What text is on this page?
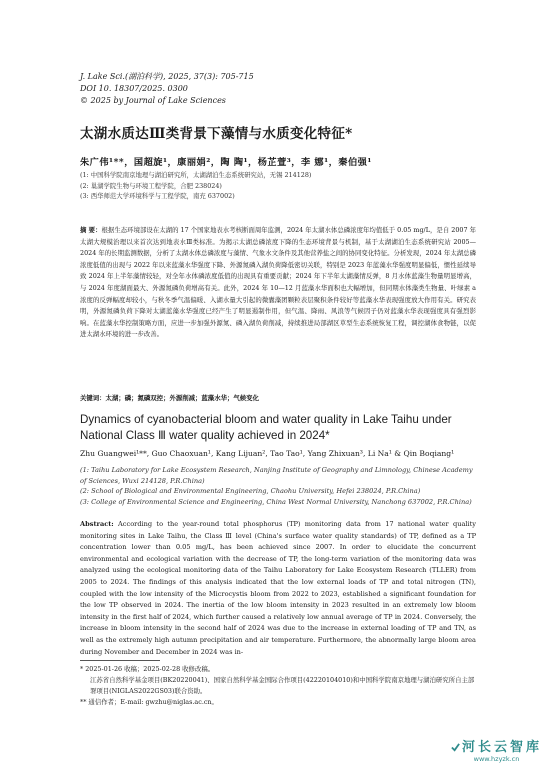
J. Lake Sci.(湖泊科学), 2025, 37(3): 705-715
DOI 10. 18307/2025. 0300
© 2025 by Journal of Lake Sciences
太湖水质达Ⅲ类背景下藻情与水质变化特征*
朱广伟¹**，国超旋¹，康丽娟²，陶 陶¹，杨芷萱³，李 娜¹，秦伯强¹
(1: 中国科学院南京地理与湖泊研究所，太湖湖泊生态系统研究站，无锡 214128)
(2: 巢湖学院生物与环境工程学院，合肥 238024)
(3: 西华师范大学环境科学与工程学院，南充 637002)
摘 要：根据生态环境部设在太湖的 17 个国家地表水考核断面周年监测，2024 年太湖水体总磷浓度年均值低于 0.05 mg/L，是自 2007 年太湖大规模治理以来首次达到地表水Ⅲ类标准。为揭示太湖总磷浓度下降的生态环境背景与机制，基于太湖湖泊生态系统研究站 2005—2024 年的长期监测数据，分析了太湖水体总磷浓度与藻情、气象水文条件及其他营养盐之间的协同变化特征。分析发现，2024 年太湖总磷浓度低值的出现与 2022 年以来蓝藻水华强度下降、外源氮磷入湖负荷降低密切关联，特别是 2023 年蓝藻水华强度明显偏低，惯性延续导致 2024 年上半年藻情较轻，对全年水体磷浓度低值的出现具有重要贡献；2024 年下半年太湖藻情反弹，8 月水体蓝藻生物量明显增高，与 2024 年度湖面最大、外源氮磷负荷增高有关。此外，2024 年 10—12 月蓝藻水华面积也大幅增加，但同期水体藻类生物量、叶绿素 a 浓度的反弹幅度却较小，与秋冬季气温偏暖、入湖水量大引起的微囊藻团颗粒表层聚积条件较好等蓝藻水华表现强度放大作用有关。研究表明，外源氮磷负荷下降对太湖蓝藻水华强度已经产生了明显遏制作用，但气温、降雨、风浪等气候因子仍对蓝藻水华表现强度具有强烈影响。在蓝藻水华控制策略方面，应进一步加强外源氮、磷入湖负荷削减，持续推进局部湖区草型生态系统恢复工程，调控湖体食物链，以促进太湖水环境的进一步改善。
关键词：太湖；磷；氮磷双控；外源削减；蓝藻水华；气候变化
Dynamics of cyanobacterial bloom and water quality in Lake Taihu under National Class Ⅲ water quality achieved in 2024*
Zhu Guangwei¹**, Guo Chaoxuan¹, Kang Lijuan², Tao Tao¹, Yang Zhixuan³, Li Na¹ & Qin Boqiang¹
(1: Taihu Laboratory for Lake Ecosystem Research, Nanjing Institute of Geography and Limnology, Chinese Academy of Sciences, Wuxi 214128, P.R.China)
(2: School of Biological and Environmental Engineering, Chaohu University, Hefei 238024, P.R.China)
(3: College of Environmental Science and Engineering, China West Normal University, Nanchong 637002, P.R.China)
Abstract: According to the year-round total phosphorus (TP) monitoring data from 17 national water quality monitoring sites in Lake Taihu, the Class Ⅲ level (China's surface water quality standards) of TP, defined as a TP concentration lower than 0.05 mg/L, has been achieved since 2007. In order to elucidate the concurrent environmental and ecological variation with the decrease of TP, the long-term variation of the monitoring data was analyzed using the ecological monitoring data of the Taihu Laboratory for Lake Ecosystem Research (TLLER) from 2005 to 2024. The findings of this analysis indicated that the low external loads of TP and total nitrogen (TN), coupled with the low intensity of the Microcystis bloom from 2022 to 2023, established a significant foundation for the low TP observed in 2024. The inertia of the low bloom intensity in 2023 resulted in an extremely low bloom intensity in the first half of 2024, which further caused a relatively low annual average of TP in 2024. Conversely, the increase in bloom intensity in the second half of 2024 was due to the increase in external loading of TP and TN, as well as the extremely high autumn precipitation and air temperature. Furthermore, the abnormally large bloom area during November and December in 2024 was in-
* 2025-01-26 收稿；2025-02-28 收修改稿。
江苏省自然科学基金项目(BK20220041)、国家自然科学基金国际合作项目(42220104010)和中国科学院南京地理与湖泊研究所自主部署项目(NIGLAS2022GS03)联合资助。
** 通信作者；E-mail: gwzhu@niglas.ac.cn。
河长云智库
www.hzyzk.cn
